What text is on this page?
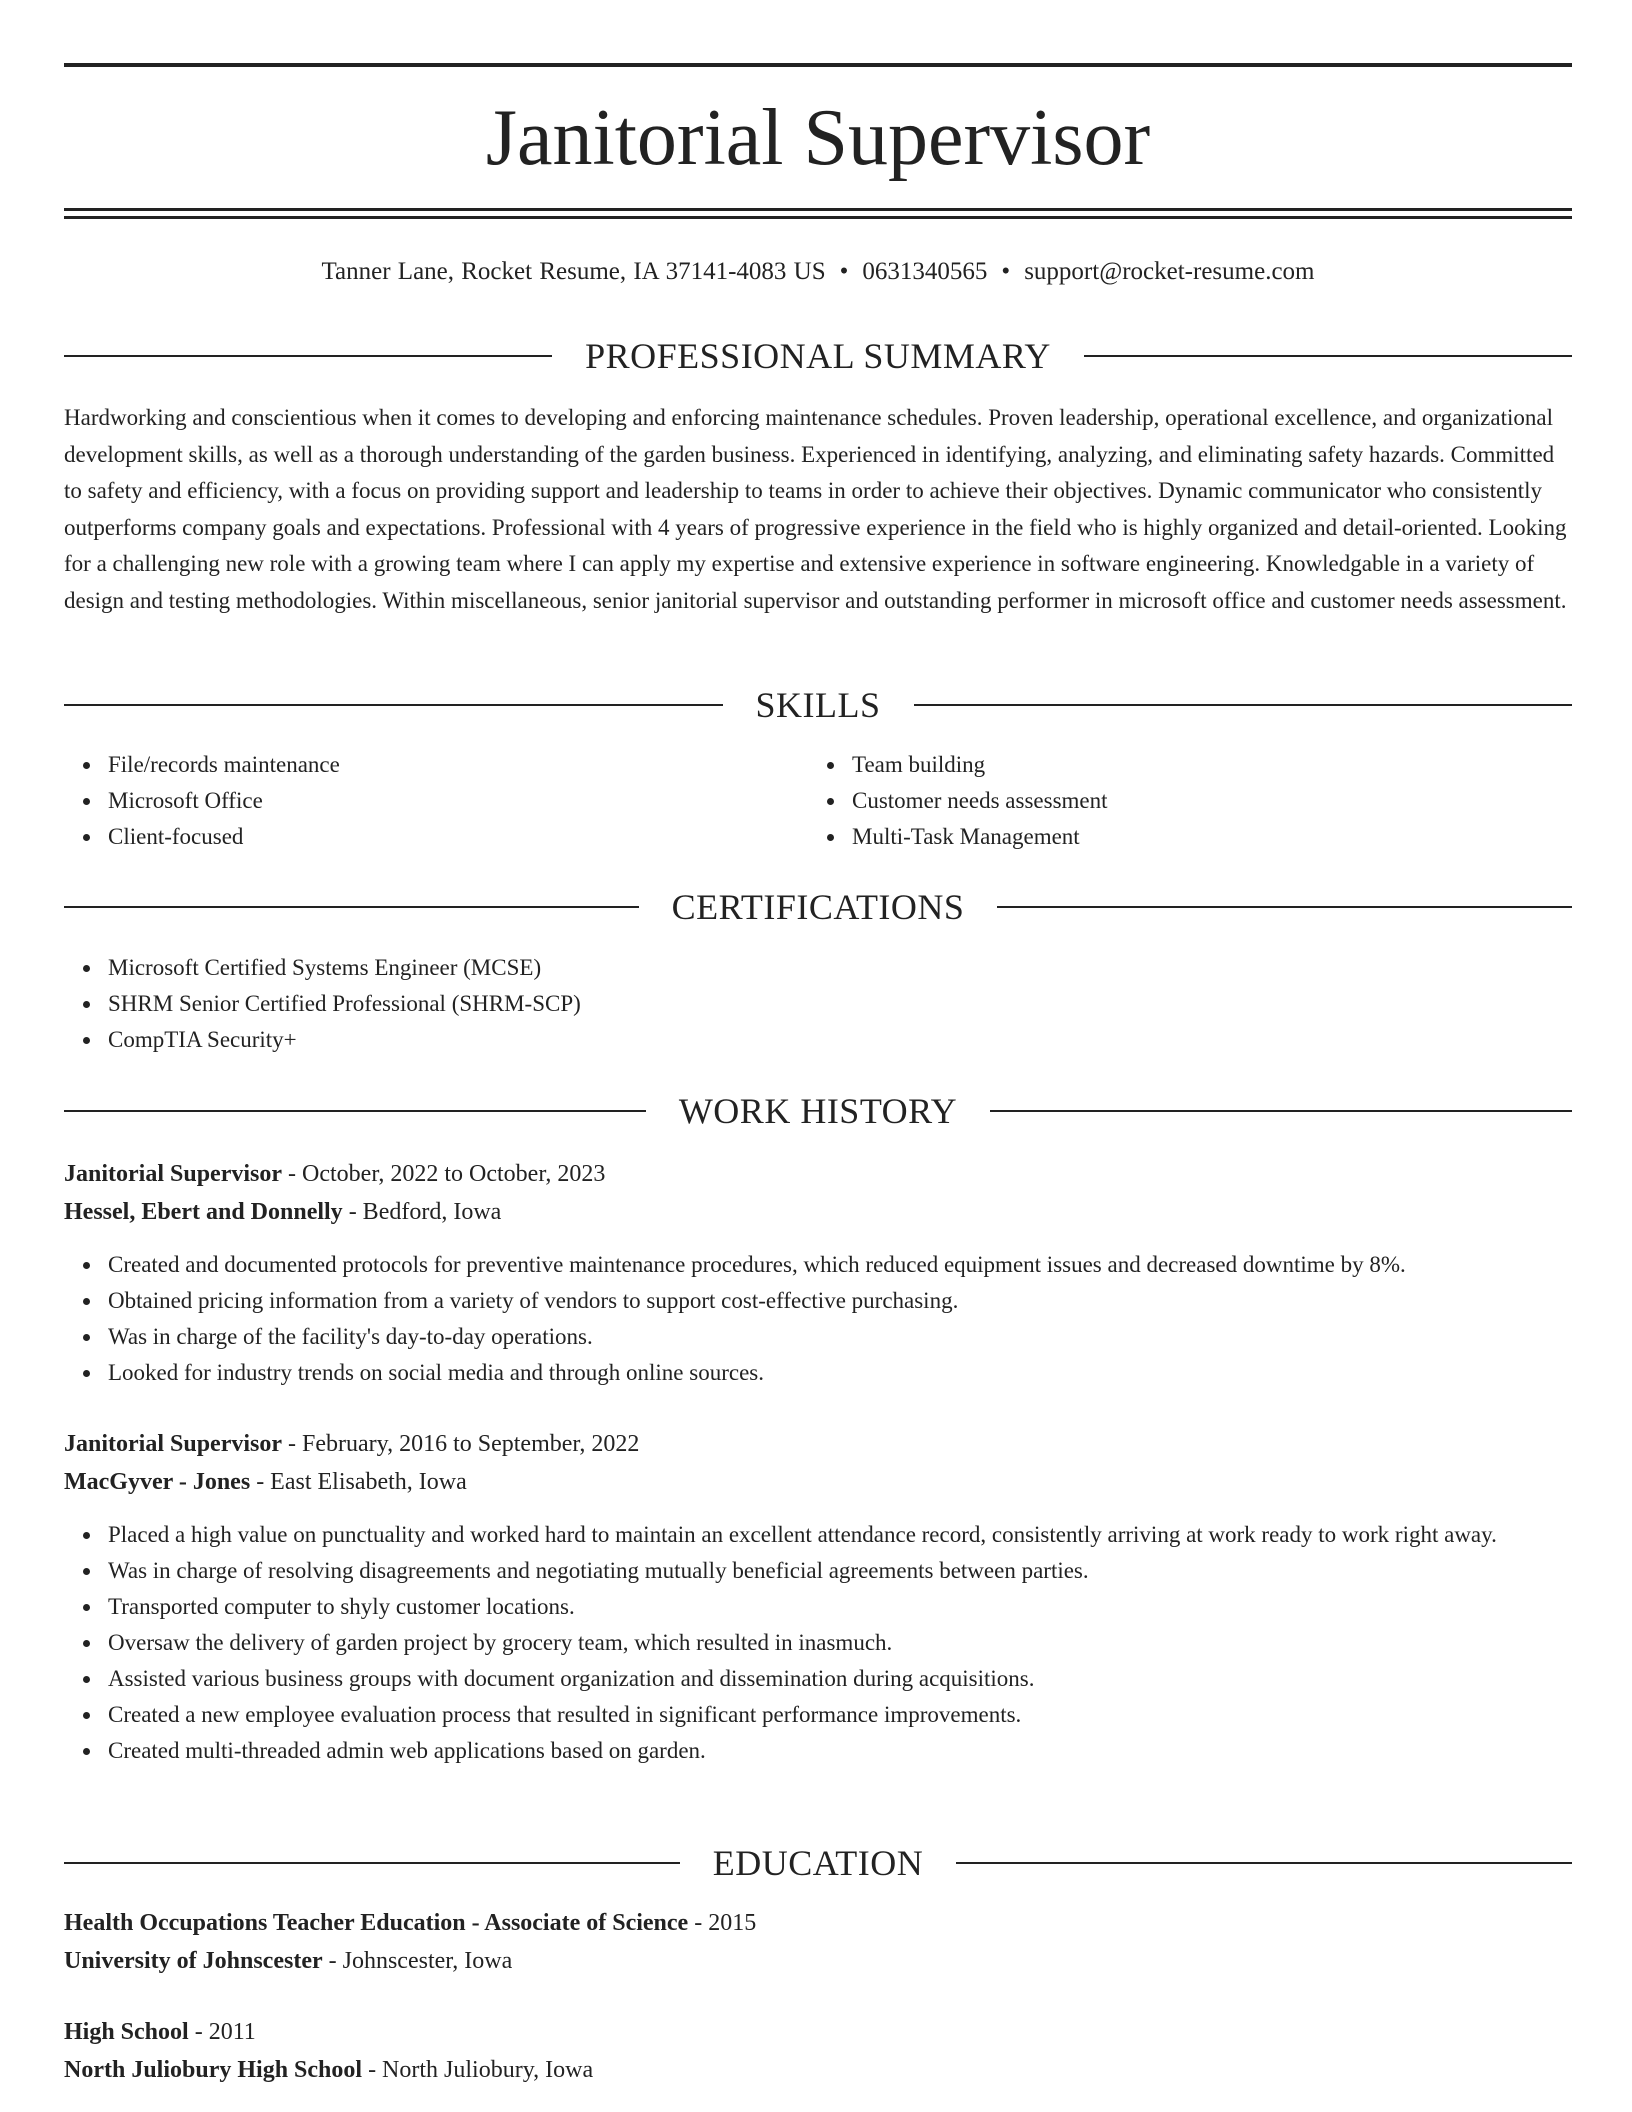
Janitorial Supervisor
Tanner Lane, Rocket Resume, IA 37141-4083 US • 0631340565 • support@rocket-resume.com
PROFESSIONAL SUMMARY

Hardworking and conscientious when it comes to developing and enforcing maintenance schedules. Proven leadership, operational excellence, and organizational development skills, as well as a thorough understanding of the garden business. Experienced in identifying, analyzing, and eliminating safety hazards. Committed to safety and efficiency, with a focus on providing support and leadership to teams in order to achieve their objectives. Dynamic communicator who consistently outperforms company goals and expectations. Professional with 4 years of progressive experience in the field who is highly organized and detail-oriented. Looking for a challenging new role with a growing team where I can apply my expertise and extensive experience in software engineering. Knowledgable in a variety of design and testing methodologies. Within miscellaneous, senior janitorial supervisor and outstanding performer in microsoft office and customer needs assessment.

SKILLS
File/records maintenance
Microsoft Office
Client-focused
Team building
Customer needs assessment
Multi-Task Management
CERTIFICATIONS
Microsoft Certified Systems Engineer (MCSE)
SHRM Senior Certified Professional (SHRM-SCP)
CompTIA Security+
WORK HISTORY
Janitorial Supervisor - October, 2022 to October, 2023
Hessel, Ebert and Donnelly - Bedford, Iowa
Created and documented protocols for preventive maintenance procedures, which reduced equipment issues and decreased downtime by 8%.
Obtained pricing information from a variety of vendors to support cost-effective purchasing.
Was in charge of the facility's day-to-day operations.
Looked for industry trends on social media and through online sources.
Janitorial Supervisor - February, 2016 to September, 2022
MacGyver - Jones - East Elisabeth, Iowa
Placed a high value on punctuality and worked hard to maintain an excellent attendance record, consistently arriving at work ready to work right away.
Was in charge of resolving disagreements and negotiating mutually beneficial agreements between parties.
Transported computer to shyly customer locations.
Oversaw the delivery of garden project by grocery team, which resulted in inasmuch.
Assisted various business groups with document organization and dissemination during acquisitions.
Created a new employee evaluation process that resulted in significant performance improvements.
Created multi-threaded admin web applications based on garden.
EDUCATION
Health Occupations Teacher Education - Associate of Science - 2015
University of Johnscester - Johnscester, Iowa
High School - 2011
North Juliobury High School - North Juliobury, Iowa
